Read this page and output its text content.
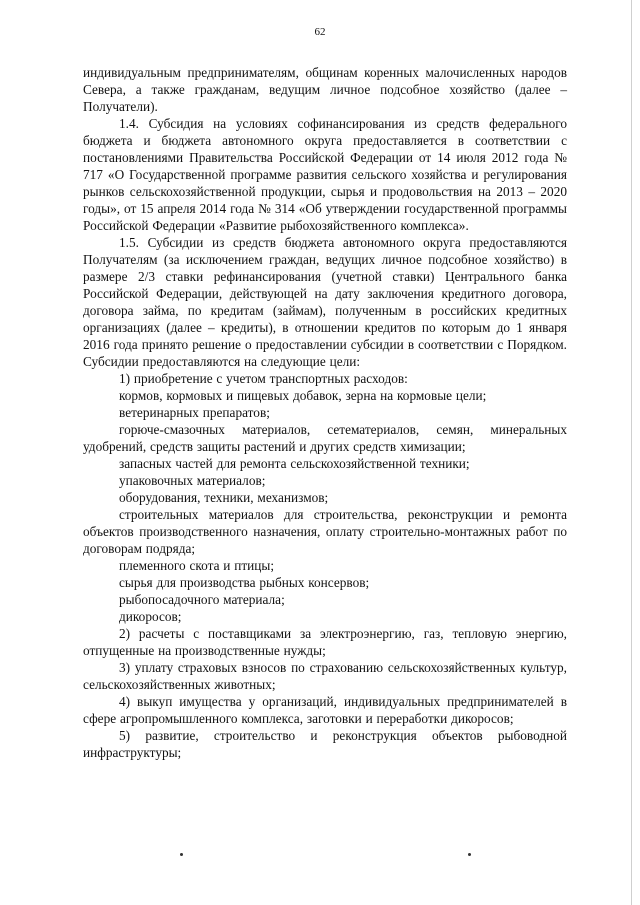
62

индивидуальным предпринимателям, общинам коренных малочисленных народов Севера, а также гражданам, ведущим личное подсобное хозяйство (далее – Получатели).

1.4. Субсидия на условиях софинансирования из средств федерального бюджета и бюджета автономного округа предоставляется в соответствии с постановлениями Правительства Российской Федерации от 14 июля 2012 года № 717 «О Государственной программе развития сельского хозяйства и регулирования рынков сельскохозяйственной продукции, сырья и продовольствия на 2013 – 2020 годы», от 15 апреля 2014 года № 314 «Об утверждении государственной программы Российской Федерации «Развитие рыбохозяйственного комплекса».

1.5. Субсидии из средств бюджета автономного округа предоставляются Получателям (за исключением граждан, ведущих личное подсобное хозяйство) в размере 2/3 ставки рефинансирования (учетной ставки) Центрального банка Российской Федерации, действующей на дату заключения кредитного договора, договора займа, по кредитам (займам), полученным в российских кредитных организациях (далее – кредиты), в отношении кредитов по которым до 1 января 2016 года принято решение о предоставлении субсидии в соответствии с Порядком. Субсидии предоставляются на следующие цели:

1) приобретение с учетом транспортных расходов:

кормов, кормовых и пищевых добавок, зерна на кормовые цели;

ветеринарных препаратов;

горюче-смазочных материалов, сетематериалов, семян, минеральных удобрений, средств защиты растений и других средств химизации;

запасных частей для ремонта сельскохозяйственной техники;

упаковочных материалов;

оборудования, техники, механизмов;

строительных материалов для строительства, реконструкции и ремонта объектов производственного назначения, оплату строительно-монтажных работ по договорам подряда;

племенного скота и птицы;

сырья для производства рыбных консервов;

рыбопосадочного материала;

дикоросов;

2) расчеты с поставщиками за электроэнергию, газ, тепловую энергию, отпущенные на производственные нужды;

3) уплату страховых взносов по страхованию сельскохозяйственных культур, сельскохозяйственных животных;

4) выкуп имущества у организаций, индивидуальных предпринимателей в сфере агропромышленного комплекса, заготовки и переработки дикоросов;

5) развитие, строительство и реконструкция объектов рыбоводной инфраструктуры;
